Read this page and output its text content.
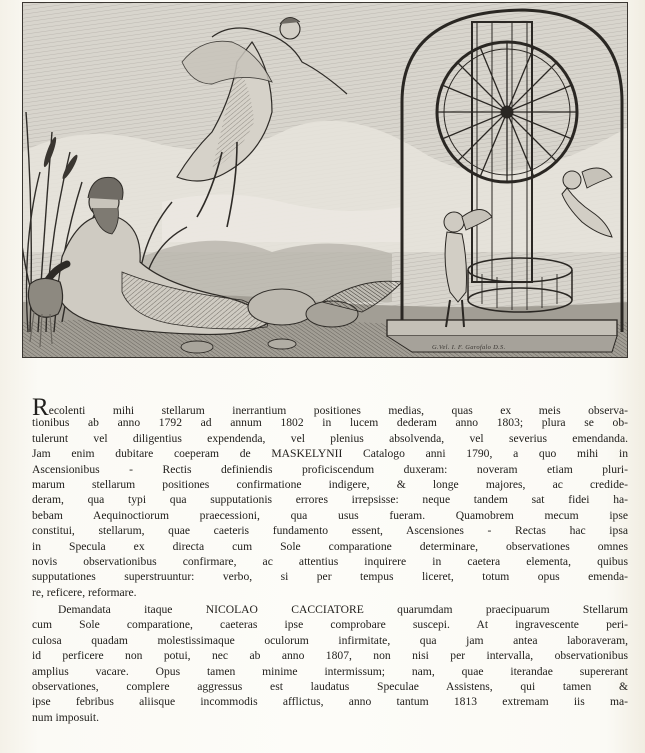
G.Vel. I. F. Garofalo D.S.
Recolenti mihi stellarum inerrantium positiones medias, quas ex meis observa-
tionibus ab anno 1792 ad annum 1802 in lucem dederam anno 1803; plura se ob-
tulerunt vel diligentius expendenda, vel plenius absolvenda, vel severius emendanda.
Jam enim dubitare coeperam de MASKELYNII Catalogo anni 1790, a quo mihi in
Ascensionibus - Rectis definiendis proficiscendum duxeram: noveram etiam pluri-
marum stellarum positiones confirmatione indigere, & longe majores, ac credide-
deram, qua typi qua supputationis errores irrepsisse: neque tandem sat fidei ha-
bebam Aequinoctiorum praecessioni, qua usus fueram. Quamobrem mecum ipse
constitui, stellarum, quae caeteris fundamento essent, Ascensiones - Rectas hac ipsa
in Specula ex directa cum Sole comparatione determinare, observationes omnes
novis observationibus confirmare, ac attentius inquirere in caetera elementa, quibus
supputationes superstruuntur: verbo, si per tempus liceret, totum opus emenda-
re, reficere, reformare.
Demandata itaque NICOLAO CACCIATORE quarumdam praecipuarum Stellarum
cum Sole comparatione, caeteras ipse comprobare suscepi. At ingravescente peri-
culosa quadam molestissimaque oculorum infirmitate, qua jam antea laboraveram,
id perficere non potui, nec ab anno 1807, non nisi per intervalla, observationibus
amplius vacare. Opus tamen minime intermissum; nam, quae iterandae supererant
observationes, complere aggressus est laudatus Speculae Assistens, qui tamen &
ipse febribus aliisque incommodis afflictus, anno tantum 1813 extremam iis ma-
num imposuit.
